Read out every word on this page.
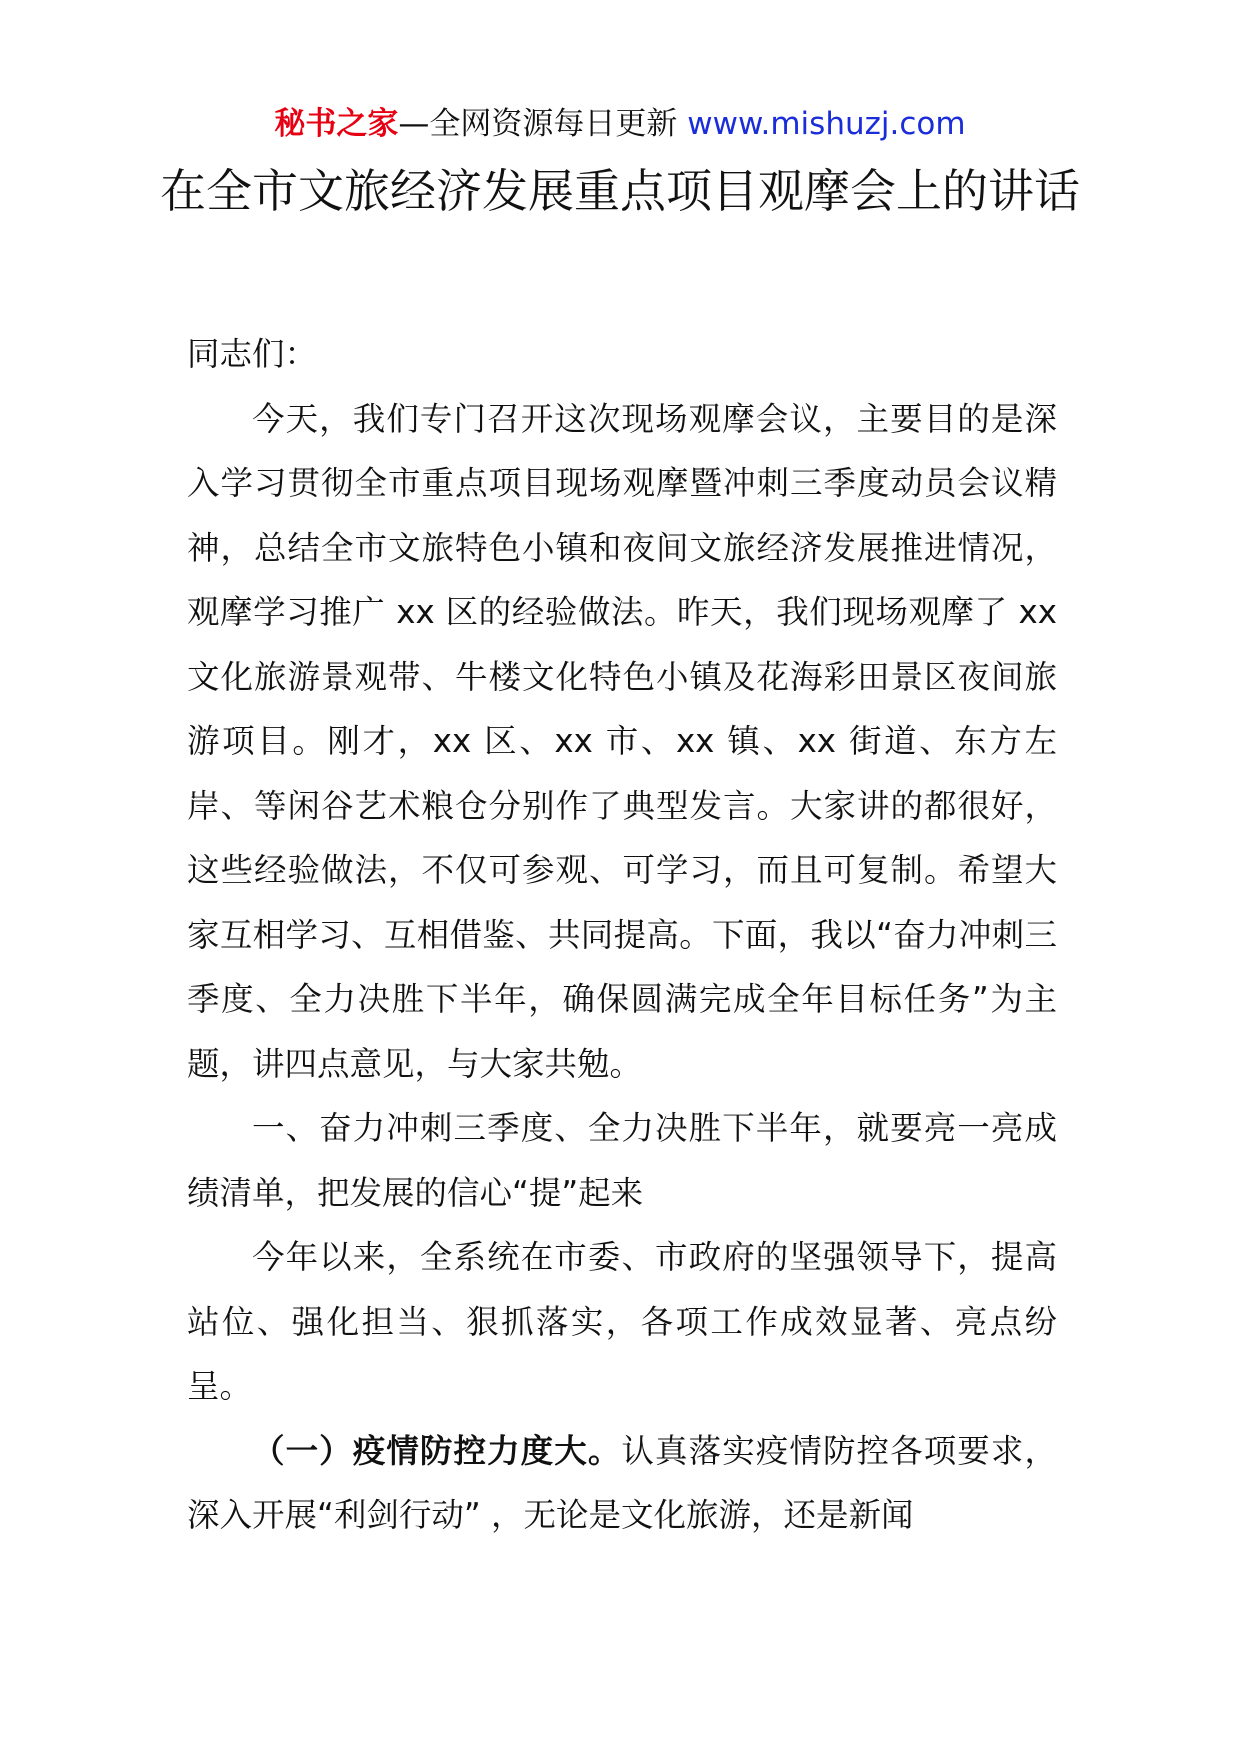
秘书之家—全网资源每日更新 www.mishuzj.com
在全市文旅经济发展重点项目观摩会上的讲话

同志们：

今天，我们专门召开这次现场观摩会议，主要目的是深入学习贯彻全市重点项目现场观摩暨冲刺三季度动员会议精神，总结全市文旅特色小镇和夜间文旅经济发展推进情况，观摩学习推广 xx 区的经验做法。昨天，我们现场观摩了 xx 文化旅游景观带、牛楼文化特色小镇及花海彩田景区夜间旅游项目。刚才，xx 区、xx 市、xx 镇、xx 街道、东方左岸、等闲谷艺术粮仓分别作了典型发言。大家讲的都很好，这些经验做法，不仅可参观、可学习，而且可复制。希望大家互相学习、互相借鉴、共同提高。下面，我以“奋力冲刺三季度、全力决胜下半年，确保圆满完成全年目标任务”为主题，讲四点意见，与大家共勉。

一、奋力冲刺三季度、全力决胜下半年，就要亮一亮成绩清单，把发展的信心“提”起来

今年以来，全系统在市委、市政府的坚强领导下，提高站位、强化担当、狠抓落实，各项工作成效显著、亮点纷呈。

（一）疫情防控力度大。认真落实疫情防控各项要求，深入开展“利剑行动” ，无论是文化旅游，还是新闻
